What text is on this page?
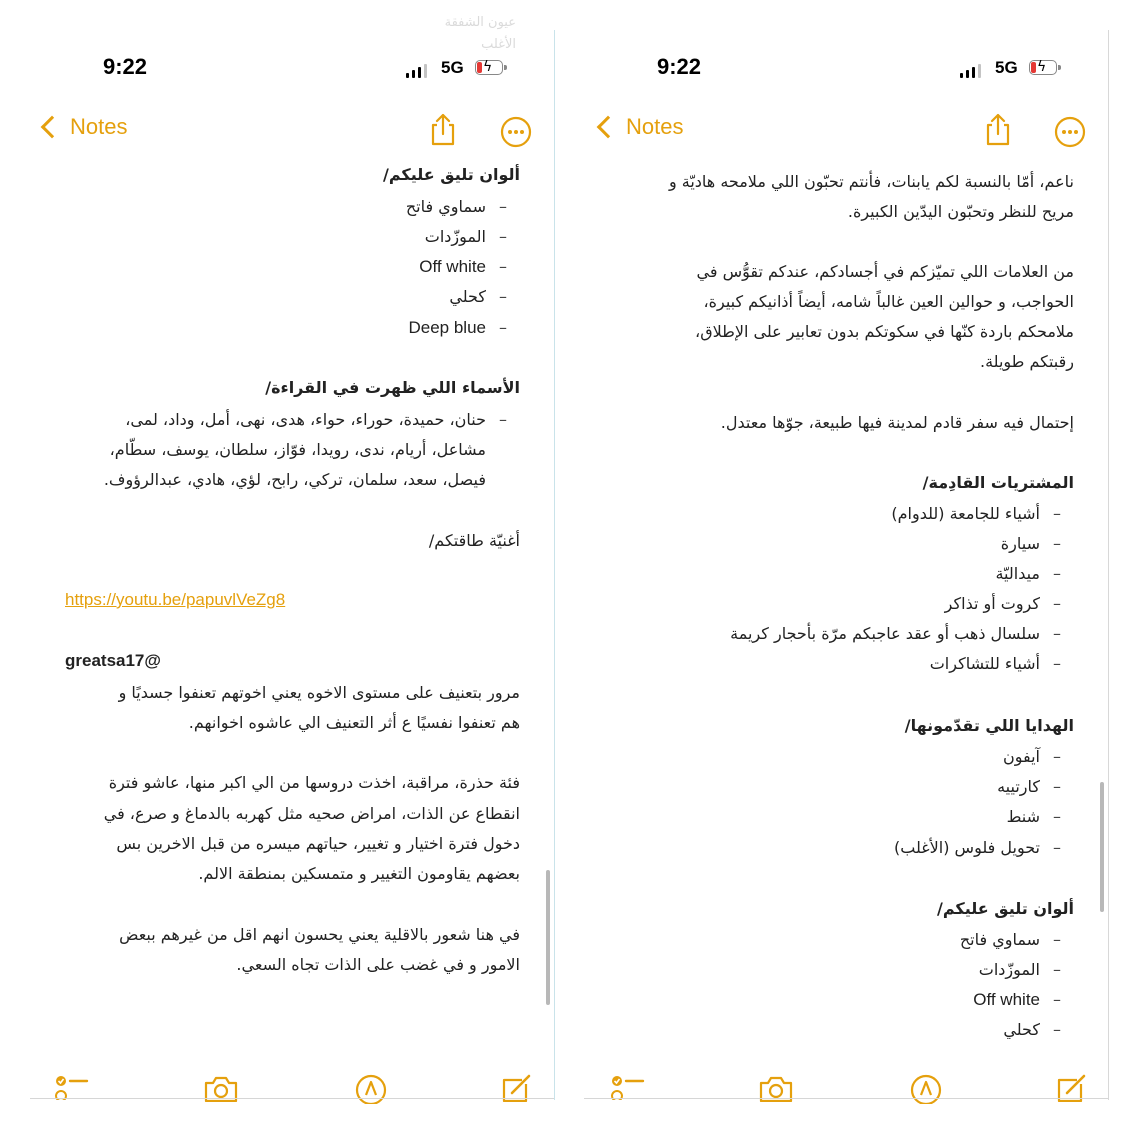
عيون الشفقة
الأغلب
9:22	5G ϟ
Notes
ألوان تليق عليكم/
–سماوي فاتح
–الموزّدات
–Off white
–كحلي
–Deep blue
الأسماء اللي ظهرت في القراءة/
–حنان، حميدة، حوراء، حواء، هدى، نهى، أمل، وداد، لمى،
مشاعل، أريام، ندى، رويدا، فوّاز، سلطان، يوسف، سطّام،
فيصل، سعد، سلمان، تركي، رابح، لؤي، هادي، عبدالرؤوف.
أغنيّة طاقتكم/
https://youtu.be/papuvlVeZg8
@greatsa17
مرور بتعنيف على مستوى الاخوه يعني اخوتهم تعنفوا جسديًا و
هم تعنفوا نفسيًا ع أثر التعنيف الي عاشوه اخوانهم.
فئة حذرة، مراقبة، اخذت دروسها من الي اكبر منها، عاشو فترة
انقطاع عن الذات، امراض صحيه مثل كهربه بالدماغ و صرع، في
دخول فترة اختيار و تغيير، حياتهم ميسره من قبل الاخرين بس
بعضهم يقاومون التغيير و متمسكين بمنطقة الالم.
في هنا شعور بالاقلية يعني يحسون انهم اقل من غيرهم ببعض
الامور و في غضب على الذات تجاه السعي.
9:22	5G ϟ
Notes
ناعم، أمّا بالنسبة لكم يابنات، فأنتم تحبّون اللي ملامحه هاديّة و
مريح للنظر وتحبّون اليدّين الكبيرة.
من العلامات اللي تميّزكم في أجسادكم، عندكم تقوُّس في
الحواجب، و حوالين العين غالباً شامه، أيضاً أذانيكم كبيرة،
ملامحكم باردة كنّها في سكوتكم بدون تعابير على الإطلاق،
رقبتكم طويلة.
إحتمال فيه سفر قادم لمدينة فيها طبيعة، جوّها معتدل.
المشتريات القادِمة/
–أشياء للجامعة (للدوام)
–سيارة
–ميداليّة
–كروت أو تذاكر
–سلسال ذهب أو عقد عاجبكم مرّة بأحجار كريمة
–أشياء للتشاكرات
الهدايا اللي تقدّمونها/
–آيفون
–كارتييه
–شنط
–تحويل فلوس (الأغلب)
ألوان تليق عليكم/
–سماوي فاتح
–الموزّدات
–Off white
–كحلي
